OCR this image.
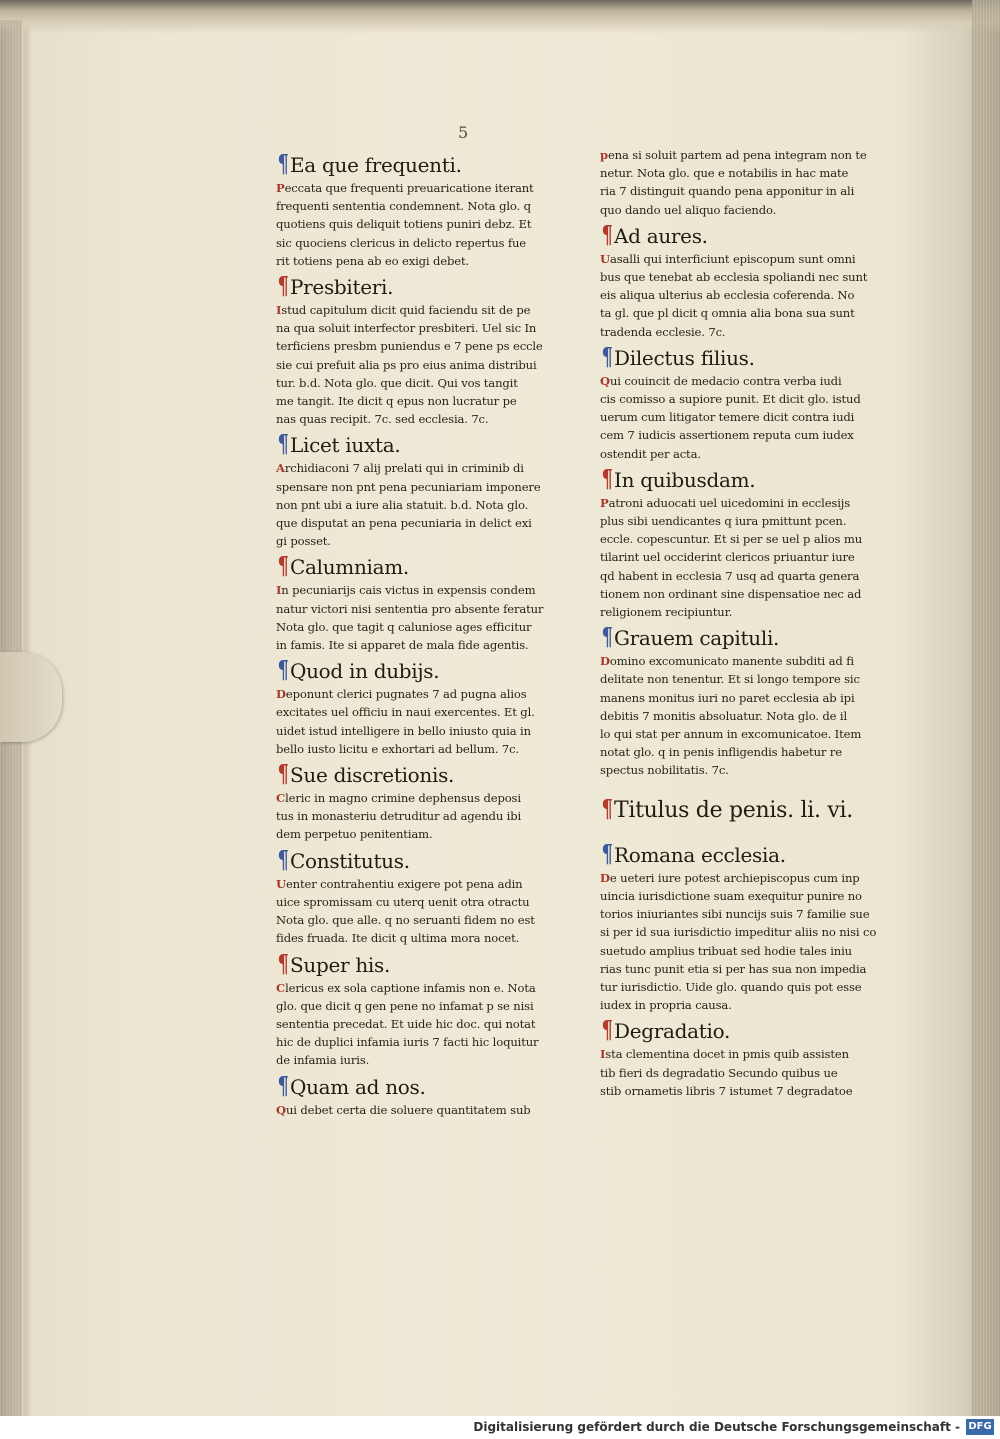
5
¶ Ea que frequenti.
Peccata que frequenti preuaricatione iterant
frequenti sententia condemnent. Nota glo. q
quotiens quis deliquit totiens puniri debz. Et
sic quociens clericus in delicto repertus fue
rit totiens pena ab eo exigi debet.
¶ Presbiteri.
Istud capitulum dicit quid faciendu sit de pe
na qua soluit interfector presbiteri. Uel sic In
terficiens presbm puniendus e 7 pene ps eccle
sie cui prefuit alia ps pro eius anima distribui
tur. b.d. Nota glo. que dicit. Qui vos tangit
me tangit. Ite dicit q epus non lucratur pe
nas quas recipit. 7c. sed ecclesia. 7c.
¶ Licet iuxta.
Archidiaconi 7 alij prelati qui in criminib di
spensare non pnt pena pecuniariam imponere
non pnt ubi a iure alia statuit. b.d. Nota glo.
que disputat an pena pecuniaria in delict exi
gi posset.
¶ Calumniam.
In pecuniarijs cais victus in expensis condem
natur victori nisi sententia pro absente feratur
Nota glo. que tagit q caluniose ages efficitur
in famis. Ite si apparet de mala fide agentis.
¶ Quod in dubijs.
Deponunt clerici pugnates 7 ad pugna alios
excitates uel officiu in naui exercentes. Et gl.
uidet istud intelligere in bello iniusto quia in
bello iusto licitu e exhortari ad bellum. 7c.
¶ Sue discretionis.
Cleric in magno crimine dephensus deposi
tus in monasteriu detruditur ad agendu ibi
dem perpetuo penitentiam.
¶ Constitutus.
Uenter contrahentiu exigere pot pena adin
uice spromissam cu uterq uenit otra otractu
Nota glo. que alle. q no seruanti fidem no est
fides fruada. Ite dicit q ultima mora nocet.
¶ Super his.
Clericus ex sola captione infamis non e. Nota
glo. que dicit q gen pene no infamat p se nisi
sententia precedat. Et uide hic doc. qui notat
hic de duplici infamia iuris 7 facti hic loquitur
de infamia iuris.
¶ Quam ad nos.
Qui debet certa die soluere quantitatem sub
pena si soluit partem ad pena integram non te
netur. Nota glo. que e notabilis in hac mate
ria 7 distinguit quando pena apponitur in ali
quo dando uel aliquo faciendo.
¶ Ad aures.
Uasalli qui interficiunt episcopum sunt omni
bus que tenebat ab ecclesia spoliandi nec sunt
eis aliqua ulterius ab ecclesia coferenda. No
ta gl. que pl dicit q omnia alia bona sua sunt
tradenda ecclesie. 7c.
¶ Dilectus filius.
Qui couincit de medacio contra verba iudi
cis comisso a supiore punit. Et dicit glo. istud
uerum cum litigator temere dicit contra iudi
cem 7 iudicis assertionem reputa cum iudex
ostendit per acta.
¶ In quibusdam.
Patroni aduocati uel uicedomini in ecclesijs
plus sibi uendicantes q iura pmittunt pcen.
eccle. copescuntur. Et si per se uel p alios mu
tilarint uel occiderint clericos priuantur iure
qd habent in ecclesia 7 usq ad quarta genera
tionem non ordinant sine dispensatioe nec ad
religionem recipiuntur.
¶ Grauem capituli.
Domino excomunicato manente subditi ad fi
delitate non tenentur. Et si longo tempore sic
manens monitus iuri no paret ecclesia ab ipi
debitis 7 monitis absoluatur. Nota glo. de il
lo qui stat per annum in excomunicatoe. Item
notat glo. q in penis infligendis habetur re
spectus nobilitatis. 7c.
¶ Titulus de penis. li. vi.
¶ Romana ecclesia.
De ueteri iure potest archiepiscopus cum inp
uincia iurisdictione suam exequitur punire no
torios iniuriantes sibi nuncijs suis 7 familie sue
si per id sua iurisdictio impeditur aliis no nisi co
suetudo amplius tribuat sed hodie tales iniu
rias tunc punit etia si per has sua non impedia
tur iurisdictio. Uide glo. quando quis pot esse
iudex in propria causa.
¶ Degradatio.
Ista clementina docet in pmis quib assisten
tib fieri ds degradatio Secundo quibus ue
stib ornametis libris 7 istumet 7 degradatoe
Digitalisierung gefördert durch die Deutsche Forschungsgemeinschaft - DFG
